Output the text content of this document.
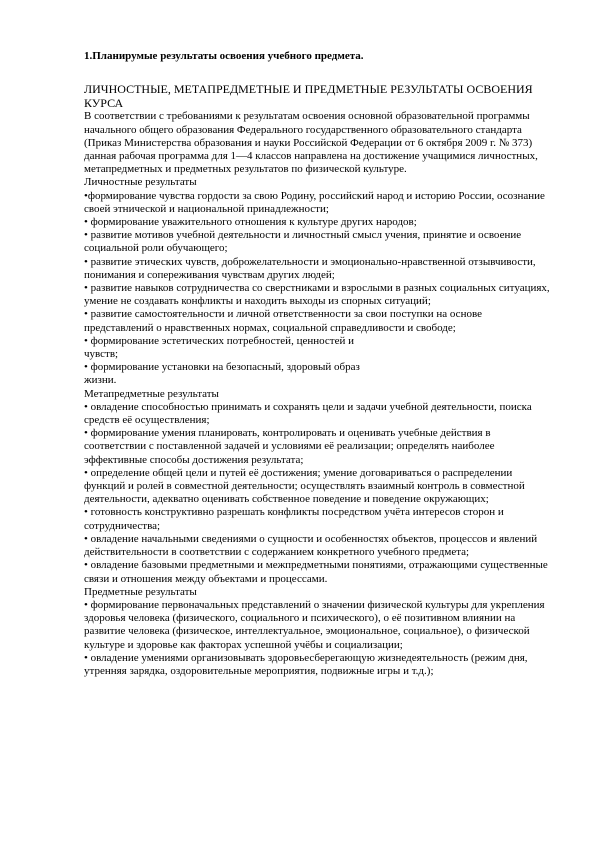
1.Планирумые результаты освоения учебного предмета.

ЛИЧНОСТНЫЕ, МЕТАПРЕДМЕТНЫЕ И ПРЕДМЕТНЫЕ РЕЗУЛЬТАТЫ ОСВОЕНИЯ КУРСА

В соответствии с требованиями к результатам освоения основной образовательной программы начального общего образования Федерального государственного образовательного стандарта (Приказ Министерства образования и науки Российской Федерации от 6 октября 2009 г. № 373) данная рабочая программа для 1—4 классов направлена на достижение учащимися личностных, метапредметных и предметных результатов по физической культуре.

Личностные результаты

•формирование чувства гордости за свою Родину, российский народ и историю России, осознание своей этнической и национальной принадлежности;

• формирование уважительного отношения к культуре других народов;

• развитие мотивов учебной деятельности и личностный смысл учения, принятие и освоение социальной роли обучающего;

• развитие этических чувств, доброжелательности и эмоционально-нравственной отзывчивости, понимания и сопереживания чувствам других людей;

• развитие навыков сотрудничества со сверстниками и взрослыми в разных социальных ситуациях, умение не создавать конфликты и находить выходы из спорных ситуаций;

• развитие самостоятельности и личной ответственности за свои поступки на основе представлений о нравственных нормах, социальной справедливости и свободе;

• формирование эстетических потребностей, ценностей и

чувств;

• формирование установки на безопасный, здоровый образ

жизни.

Метапредметные результаты

• овладение способностью принимать и сохранять цели и задачи учебной деятельности, поиска средств её осуществления;

• формирование умения планировать, контролировать и оценивать учебные действия в соответствии с поставленной задачей и условиями её реализации; определять наиболее эффективные способы достижения результата;

• определение общей цели и путей её достижения; умение договариваться о распределении функций и ролей в совместной деятельности; осуществлять взаимный контроль в совместной деятельности, адекватно оценивать собственное поведение и поведение окружающих;

• готовность конструктивно разрешать конфликты посредством учёта интересов сторон и сотрудничества;

• овладение начальными сведениями о сущности и особенностях объектов, процессов и явлений действительности в соответствии с содержанием конкретного учебного предмета;

• овладение базовыми предметными и межпредметными понятиями, отражающими существенные связи и отношения между объектами и процессами.

Предметные результаты

• формирование первоначальных представлений о значении физической культуры для укрепления здоровья человека (физического, социального и психического), о её позитивном влиянии на развитие человека (физическое, интеллектуальное, эмоциональное, социальное), о физической культуре и здоровье как факторах успешной учёбы и социализации;

• овладение умениями организовывать здоровьесберегающую жизнедеятельность (режим дня, утренняя зарядка, оздоровительные мероприятия, подвижные игры и т.д.);
